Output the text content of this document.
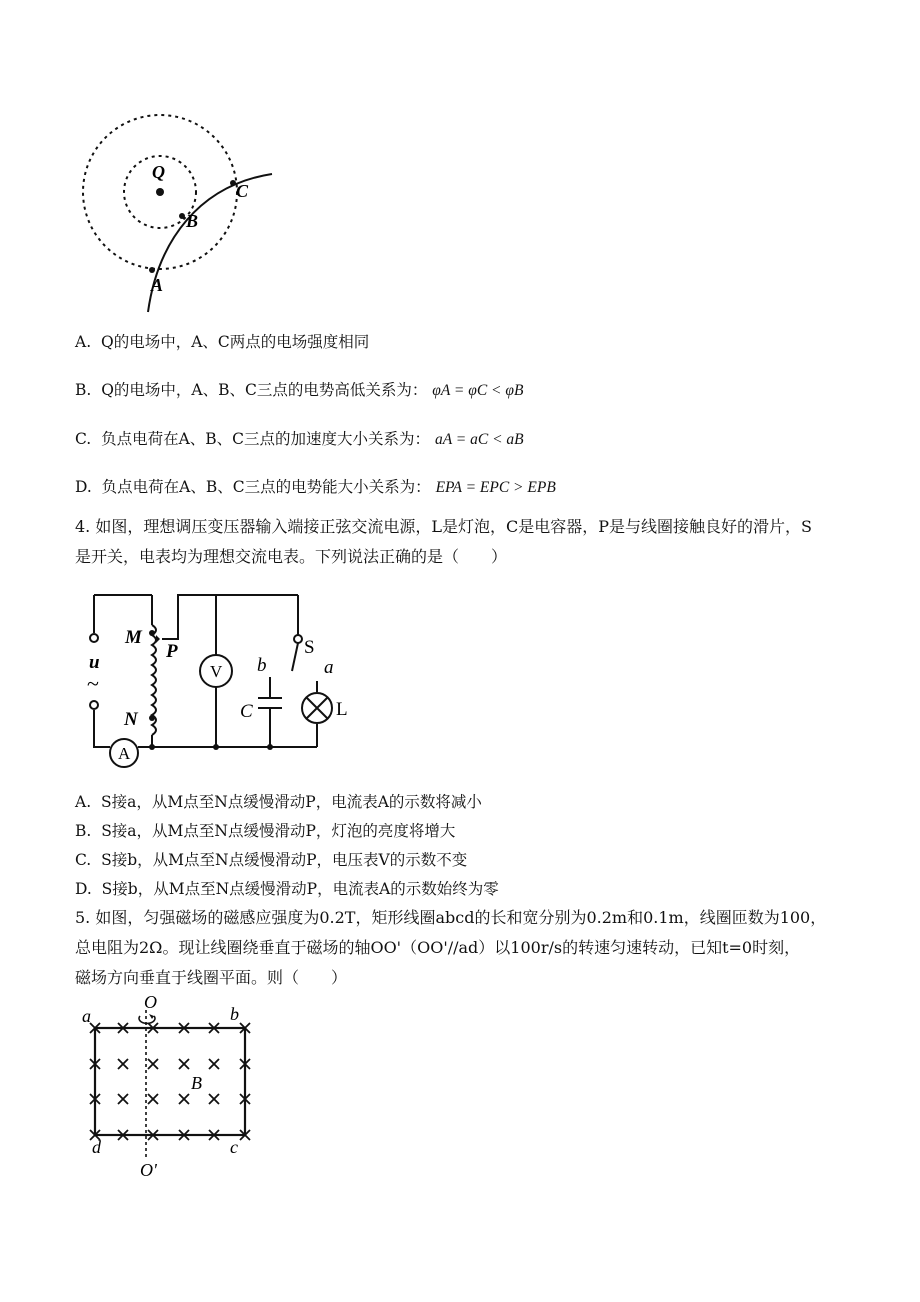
Q
A
B
C
A. Q的电场中，A、C两点的电场强度相同
B. Q的电场中，A、B、C三点的电势高低关系为： φA = φC < φB
C. 负点电荷在A、B、C三点的加速度大小关系为： aA = aC < aB
D. 负点电荷在A、B、C三点的电势能大小关系为： EPA = EPC > EPB
4. 如图，理想调压变压器输入端接正弦交流电源，L是灯泡，C是电容器，P是与线圈接触良好的滑片，S
是开关，电表均为理想交流电表。下列说法正确的是（　　）
V
A
M
P
N
u
~
S
b	a
C	L
A. S接a，从M点至N点缓慢滑动P，电流表A的示数将减小
B. S接a，从M点至N点缓慢滑动P，灯泡的亮度将增大
C. S接b，从M点至N点缓慢滑动P，电压表V的示数不变
D. S接b，从M点至N点缓慢滑动P，电流表A的示数始终为零
5. 如图，匀强磁场的磁感应强度为0.2T，矩形线圈abcd的长和宽分别为0.2m和0.1m，线圈匝数为100，
总电阻为2Ω。现让线圈绕垂直于磁场的轴OO'（OO'//ad）以100r/s的转速匀速转动，已知t=0时刻，
磁场方向垂直于线圈平面。则（　　）
O
O'
a	b
c
d
B
